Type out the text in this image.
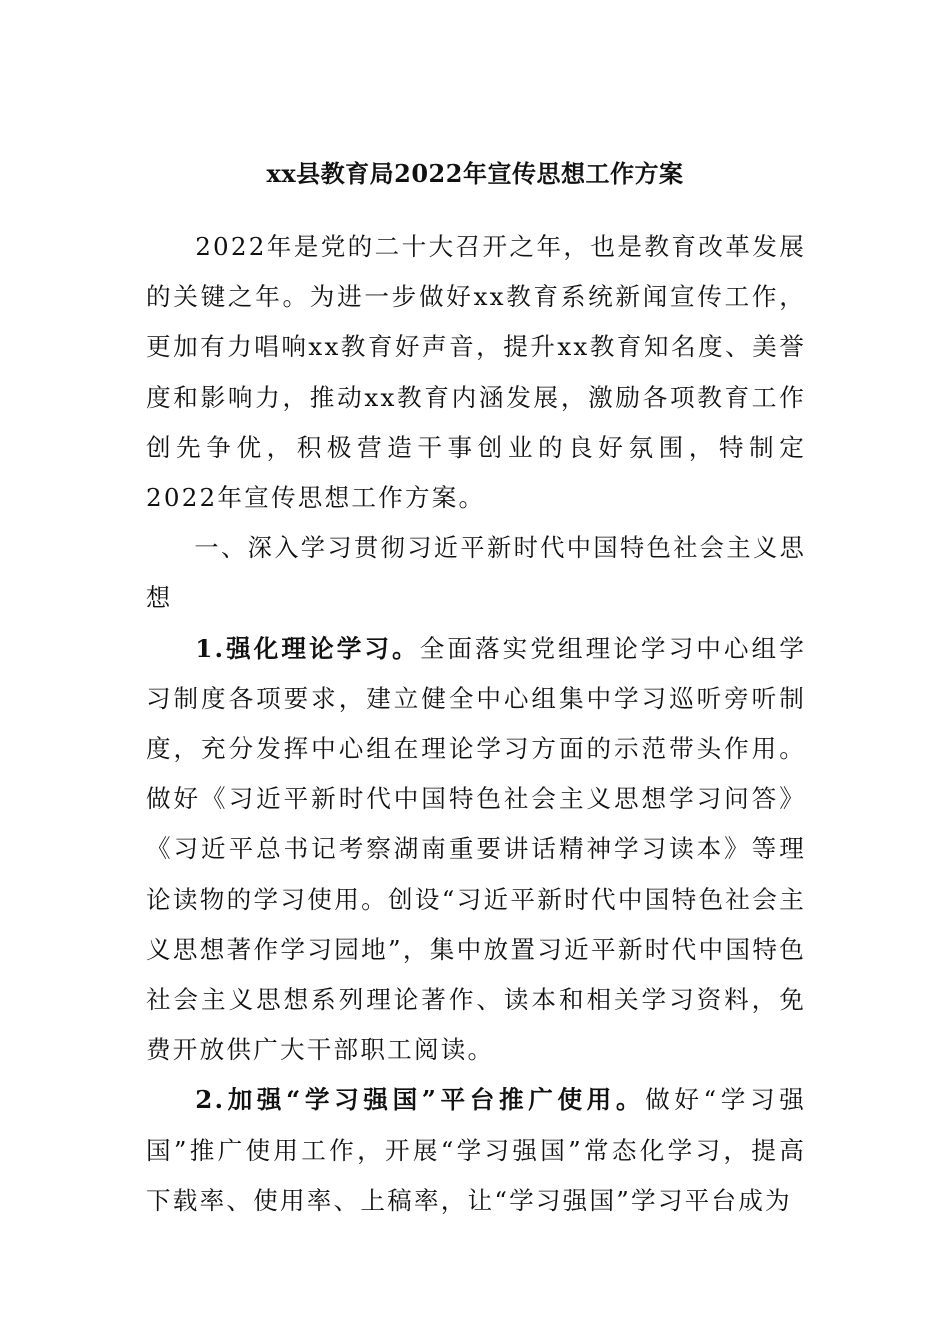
xx县教育局2022年宣传思想工作方案

2022年是党的二十大召开之年，也是教育改革发展的关键之年。为进一步做好xx教育系统新闻宣传工作，更加有力唱响xx教育好声音，提升xx教育知名度、美誉度和影响力，推动xx教育内涵发展，激励各项教育工作创先争优，积极营造干事创业的良好氛围，特制定2022年宣传思想工作方案。

一、深入学习贯彻习近平新时代中国特色社会主义思想

1.强化理论学习。全面落实党组理论学习中心组学习制度各项要求，建立健全中心组集中学习巡听旁听制度，充分发挥中心组在理论学习方面的示范带头作用。做好《习近平新时代中国特色社会主义思想学习问答》《习近平总书记考察湖南重要讲话精神学习读本》等理论读物的学习使用。创设“习近平新时代中国特色社会主义思想著作学习园地”，集中放置习近平新时代中国特色社会主义思想系列理论著作、读本和相关学习资料，免费开放供广大干部职工阅读。

2.加强“学习强国”平台推广使用。做好“学习强国”推广使用工作，开展“学习强国”常态化学习，提高下载率、使用率、上稿率，让“学习强国”学习平台成为
